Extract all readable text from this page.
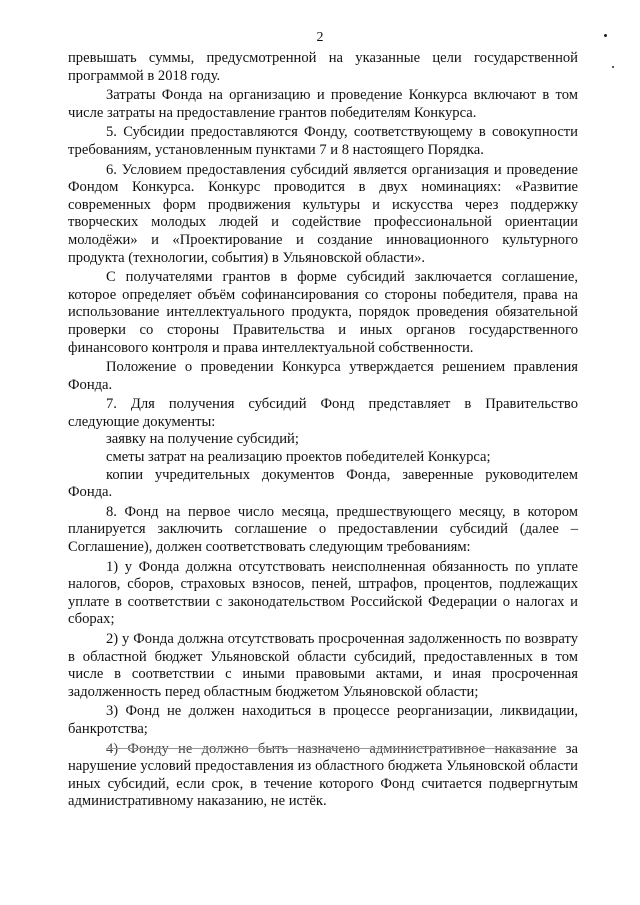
2

превышать суммы, предусмотренной на указанные цели государственной программой в 2018 году.

Затраты Фонда на организацию и проведение Конкурса включают в том числе затраты на предоставление грантов победителям Конкурса.

5. Субсидии предоставляются Фонду, соответствующему в совокупности требованиям, установленным пунктами 7 и 8 настоящего Порядка.

6. Условием предоставления субсидий является организация и проведение Фондом Конкурса. Конкурс проводится в двух номинациях: «Развитие современных форм продвижения культуры и искусства через поддержку творческих молодых людей и содействие профессиональной ориентации молодёжи» и «Проектирование и создание инновационного культурного продукта (технологии, события) в Ульяновской области».

С получателями грантов в форме субсидий заключается соглашение, которое определяет объём софинансирования со стороны победителя, права на использование интеллектуального продукта, порядок проведения обязательной проверки со стороны Правительства и иных органов государственного финансового контроля и права интеллектуальной собственности.

Положение о проведении Конкурса утверждается решением правления Фонда.

7. Для получения субсидий Фонд представляет в Правительство следующие документы:

заявку на получение субсидий;

сметы затрат на реализацию проектов победителей Конкурса;

копии учредительных документов Фонда, заверенные руководителем Фонда.

8. Фонд на первое число месяца, предшествующего месяцу, в котором планируется заключить соглашение о предоставлении субсидий (далее – Соглашение), должен соответствовать следующим требованиям:

1) у Фонда должна отсутствовать неисполненная обязанность по уплате налогов, сборов, страховых взносов, пеней, штрафов, процентов, подлежащих уплате в соответствии с законодательством Российской Федерации о налогах и сборах;

2) у Фонда должна отсутствовать просроченная задолженность по возврату в областной бюджет Ульяновской области субсидий, предоставленных в том числе в соответствии с иными правовыми актами, и иная просроченная задолженность перед областным бюджетом Ульяновской области;

3) Фонд не должен находиться в процессе реорганизации, ликвидации, банкротства;

4) Фонду не должно быть назначено административное наказание за нарушение условий предоставления из областного бюджета Ульяновской области иных субсидий, если срок, в течение которого Фонд считается подвергнутым административному наказанию, не истёк.
